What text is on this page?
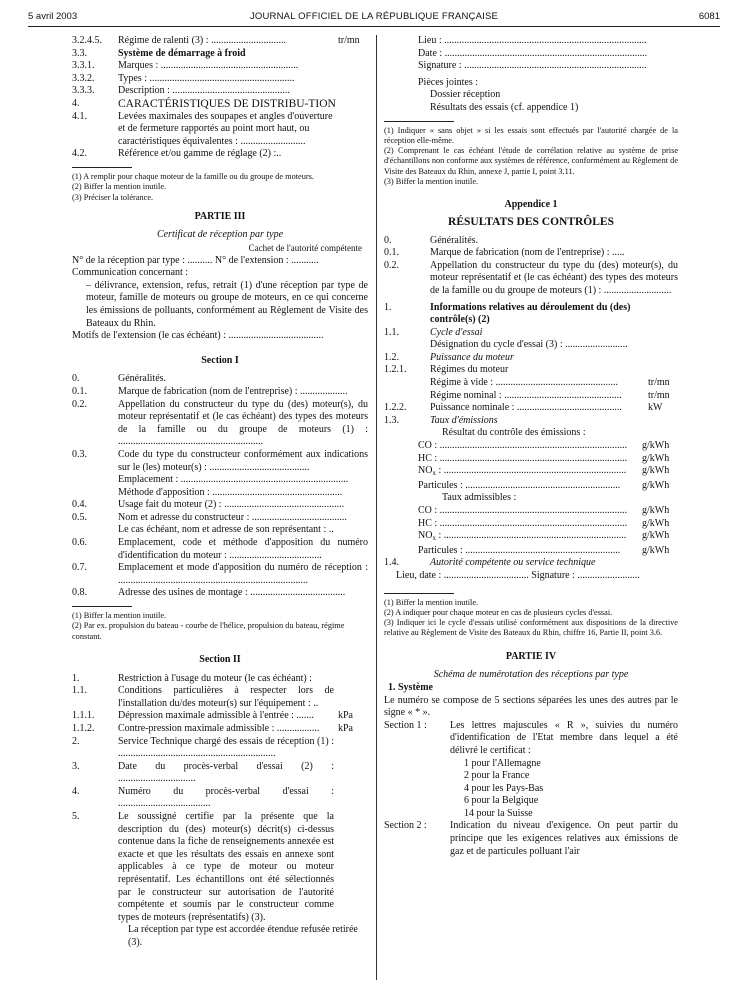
5 avril 2003	JOURNAL OFFICIEL DE LA RÉPUBLIQUE FRANÇAISE	6081
3.2.4.5.	Régime de ralenti (3) : ..............................	tr/mn
3.3.	Système de démarrage à froid
3.3.1.	Marques : .......................................................
3.3.2.	Types : ..........................................................
3.3.3.	Description : ...............................................
4.	CARACTÉRISTIQUES DE DISTRIBU-TION
4.1.	Levées maximales des soupapes et angles d'ouverture et de fermeture rapportés au point mort haut, ou caractéristiques équivalentes : ..........................
4.2.	Référence et/ou gamme de réglage (2) :..
(1) A remplir pour chaque moteur de la famille ou du groupe de moteurs.
(2) Biffer la mention inutile.
(3) Préciser la tolérance.
PARTIE III
Certificat de réception par type
Cachet de l'autorité compétente
N° de la réception par type : .......... N° de l'extension : ...........
Communication concernant :
– délivrance, extension, refus, retrait (1) d'une réception par type de moteur, famille de moteurs ou groupe de moteurs, en ce qui concerne les émissions de polluants, conformément au Règlement de Visite des Bateaux du Rhin.
Motifs de l'extension (le cas échéant) : ......................................
Section I
0.	Généralités.
0.1.	Marque de fabrication (nom de l'entreprise) : ...................
0.2.	Appellation du constructeur du type du (des) moteur(s), du moteur représentatif et (le cas échéant) des types des moteurs de la famille ou du groupe de moteurs (1) : ..........................................................
0.3.	Code du type du constructeur conformément aux indications sur le (les) moteur(s) : ........................................
Emplacement : ...................................................................
Méthode d'apposition : ....................................................
0.4.	Usage fait du moteur (2) : ................................................
0.5.	Nom et adresse du constructeur : ......................................
Le cas échéant, nom et adresse de son représentant : ..
0.6.	Emplacement, code et méthode d'apposition du numéro d'identification du moteur : .....................................
0.7.	Emplacement et mode d'apposition du numéro de réception : ............................................................................
0.8.	Adresse des usines de montage : ......................................
(1) Biffer la mention inutile.
(2) Par ex. propulsion du bateau - courbe de l'hélice, propulsion du bateau, régime constant.
Section II
1.	Restriction à l'usage du moteur (le cas échéant) :
1.1.	Conditions particulières à respecter lors de l'installation du/des moteur(s) sur l'équipement : ..
1.1.1.	Dépression maximale admissible à l'entrée : .......	kPa
1.1.2.	Contre-pression maximale admissible : .................	kPa
2.	Service Technique chargé des essais de réception (1) : ...............................................................
3.	Date du procès-verbal d'essai (2) : ...............................
4.	Numéro du procès-verbal d'essai : .....................................
5.	Le soussigné certifie par la présente que la description du (des) moteur(s) décrit(s) ci-dessus contenue dans la fiche de renseignements annexée est exacte et que les résultats des essais en annexe sont applicables à ce type de moteur ou moteur représentatif. Les échantillons ont été sélectionnés par le constructeur sur autorisation de l'autorité compétente et soumis par le constructeur comme types de moteurs (représentatifs) (3).
La réception par type est accordée étendue refusée retirée (3).
Lieu : .................................................................................
Date : .................................................................................
Signature : .........................................................................
Pièces jointes :
Dossier réception
Résultats des essais (cf. appendice 1)
(1) Indiquer « sans objet » si les essais sont effectués par l'autorité chargée de la réception elle-même.
(2) Comprenant le cas échéant l'étude de corrélation relative au système de prise d'échantillons non conforme aux systèmes de référence, conformément au Règlement de Visite des Bateaux du Rhin, annexe J, partie I, point 3.11.
(3) Biffer la mention inutile.
Appendice 1
RÉSULTATS DES CONTRÔLES
0.	Généralités.
0.1.	Marque de fabrication (nom de l'entreprise) : .....
0.2.	Appellation du constructeur du type du (des) moteur(s), du moteur représentatif et (le cas échéant) des types des moteurs de la famille ou du groupe de moteurs (1) : ...........................
1.	Informations relatives au déroulement du (des) contrôle(s) (2)
1.1.	Cycle d'essai
Désignation du cycle d'essai (3) : .........................
1.2.	Puissance du moteur
1.2.1.	Régimes du moteur
Régime à vide : .................................................	tr/mn
Régime nominal : ...............................................	tr/mn
1.2.2.	Puissance nominale : ..........................................	kW
1.3.	Taux d'émissions
Résultat du contrôle des émissions :
CO : ...........................................................................	g/kWh
HC : ...........................................................................	g/kWh
$NO_x$ : .........................................................................	g/kWh
Particules : ..............................................................	g/kWh
Taux admissibles :
CO : ...........................................................................	g/kWh
HC : ...........................................................................	g/kWh
$NO_x$ : .........................................................................	g/kWh
Particules : ..............................................................	g/kWh
1.4.	Autorité compétente ou service technique
Lieu, date : .................................. Signature : .........................
(1) Biffer la mention inutile.
(2) A indiquer pour chaque moteur en cas de plusieurs cycles d'essai.
(3) Indiquer ici le cycle d'essais utilisé conformément aux dispositions de la directive relative au Règlement de Visite des Bateaux du Rhin, chiffre 16, Partie II, point 3.6.
PARTIE IV
Schéma de numérotation des réceptions par type
1. Système
Le numéro se compose de 5 sections séparées les unes des autres par le signe « * ».
Section 1 :	Les lettres majuscules « R », suivies du numéro d'identification de l'Etat membre dans lequel a été délivré le certificat :
1 pour l'Allemagne
2 pour la France
4 pour les Pays-Bas
6 pour la Belgique
14 pour la Suisse
Section 2 :	Indication du niveau d'exigence. On peut partir du principe que les exigences relatives aux émissions de gaz et de particules polluant l'air
